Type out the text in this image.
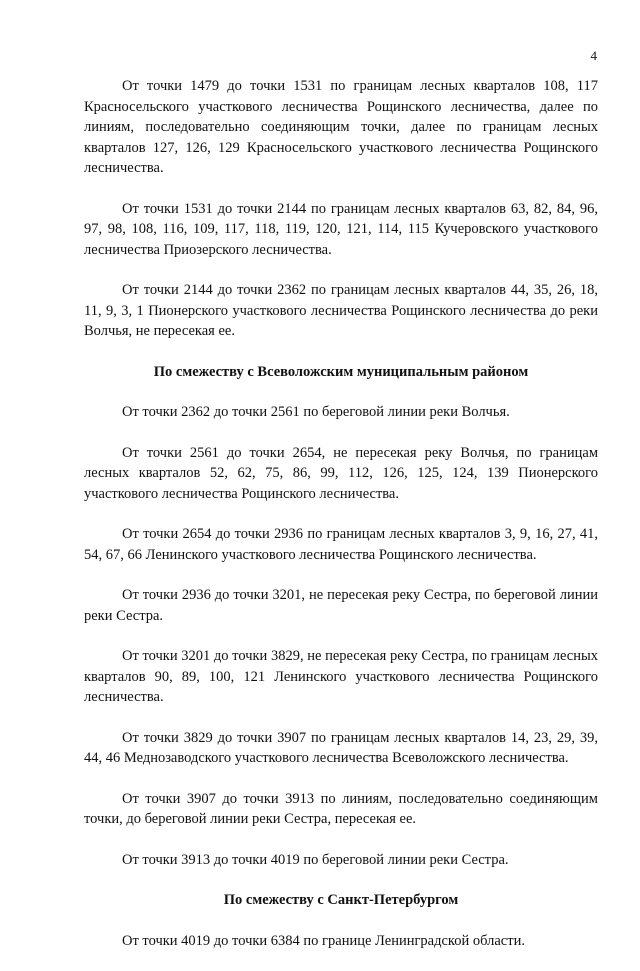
4

От точки 1479 до точки 1531 по границам лесных кварталов 108, 117 Красносельского участкового лесничества Рощинского лесничества, далее по линиям, последовательно соединяющим точки, далее по границам лесных кварталов 127, 126, 129 Красносельского участкового лесничества Рощинского лесничества.

От точки 1531 до точки 2144 по границам лесных кварталов 63, 82, 84, 96, 97, 98, 108, 116, 109, 117, 118, 119, 120, 121, 114, 115 Кучеровского участкового лесничества Приозерского лесничества.

От точки 2144 до точки 2362 по границам лесных кварталов 44, 35, 26, 18, 11, 9, 3, 1 Пионерского участкового лесничества Рощинского лесничества до реки Волчья, не пересекая ее.

По смежеству с Всеволожским муниципальным районом

От точки 2362 до точки 2561 по береговой линии реки Волчья.

От точки 2561 до точки 2654, не пересекая реку Волчья, по границам лесных кварталов 52, 62, 75, 86, 99, 112, 126, 125, 124, 139 Пионерского участкового лесничества Рощинского лесничества.

От точки 2654 до точки 2936 по границам лесных кварталов 3, 9, 16, 27, 41, 54, 67, 66 Ленинского участкового лесничества Рощинского лесничества.

От точки 2936 до точки 3201, не пересекая реку Сестра, по береговой линии реки Сестра.

От точки 3201 до точки 3829, не пересекая реку Сестра, по границам лесных кварталов 90, 89, 100, 121 Ленинского участкового лесничества Рощинского лесничества.

От точки 3829 до точки 3907 по границам лесных кварталов 14, 23, 29, 39, 44, 46 Меднозаводского участкового лесничества Всеволожского лесничества.

От точки 3907 до точки 3913 по линиям, последовательно соединяющим точки, до береговой линии реки Сестра, пересекая ее.

От точки 3913 до точки 4019 по береговой линии реки Сестра.

По смежеству с Санкт-Петербургом

От точки 4019 до точки 6384 по границе Ленинградской области.
